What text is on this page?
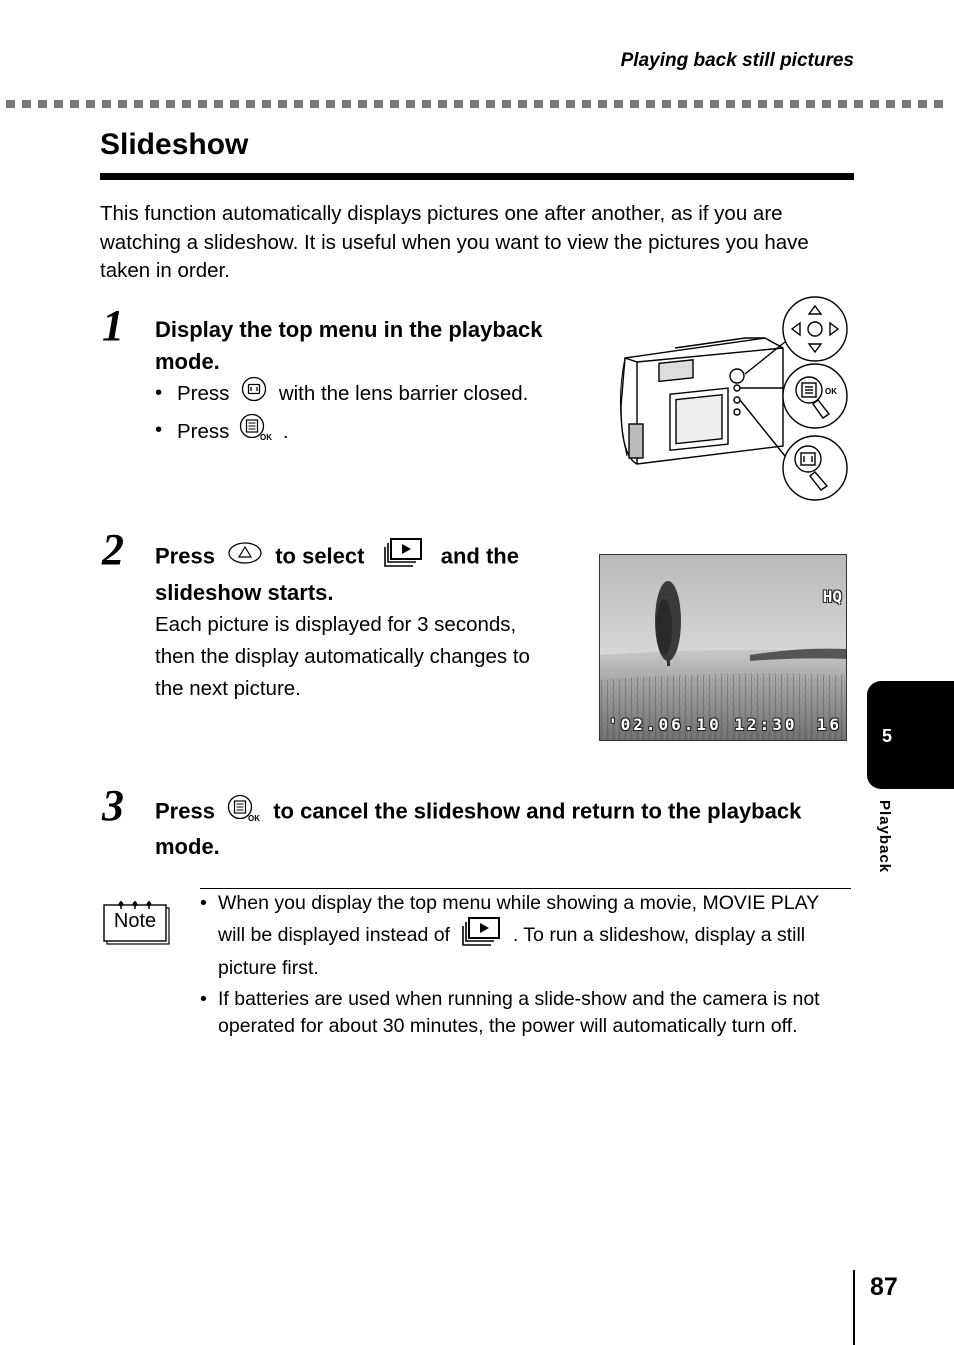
Playing back still pictures
Slideshow
This function automatically displays pictures one after another, as if you are watching a slideshow. It is useful when you want to view the pictures you have taken in order.
1 Display the top menu in the playback
mode.
• Press with the lens barrier closed.
• Press	OK .
OK
2 Press	to select	and the
slideshow starts.
Each picture is displayed for 3 seconds,
then the display automatically changes to
the next picture.
HQ
'02.06.10 12:30 16
3 Press	OK to cancel the slideshow and return to the playback
mode.
Note
• When you display the top menu while showing a movie, MOVIE PLAY will be displayed instead of	. To run a slideshow, display a still picture first.
• If batteries are used when running a slide-show and the camera is not operated for about 30 minutes, the power will automatically turn off.
5
Playback
87
